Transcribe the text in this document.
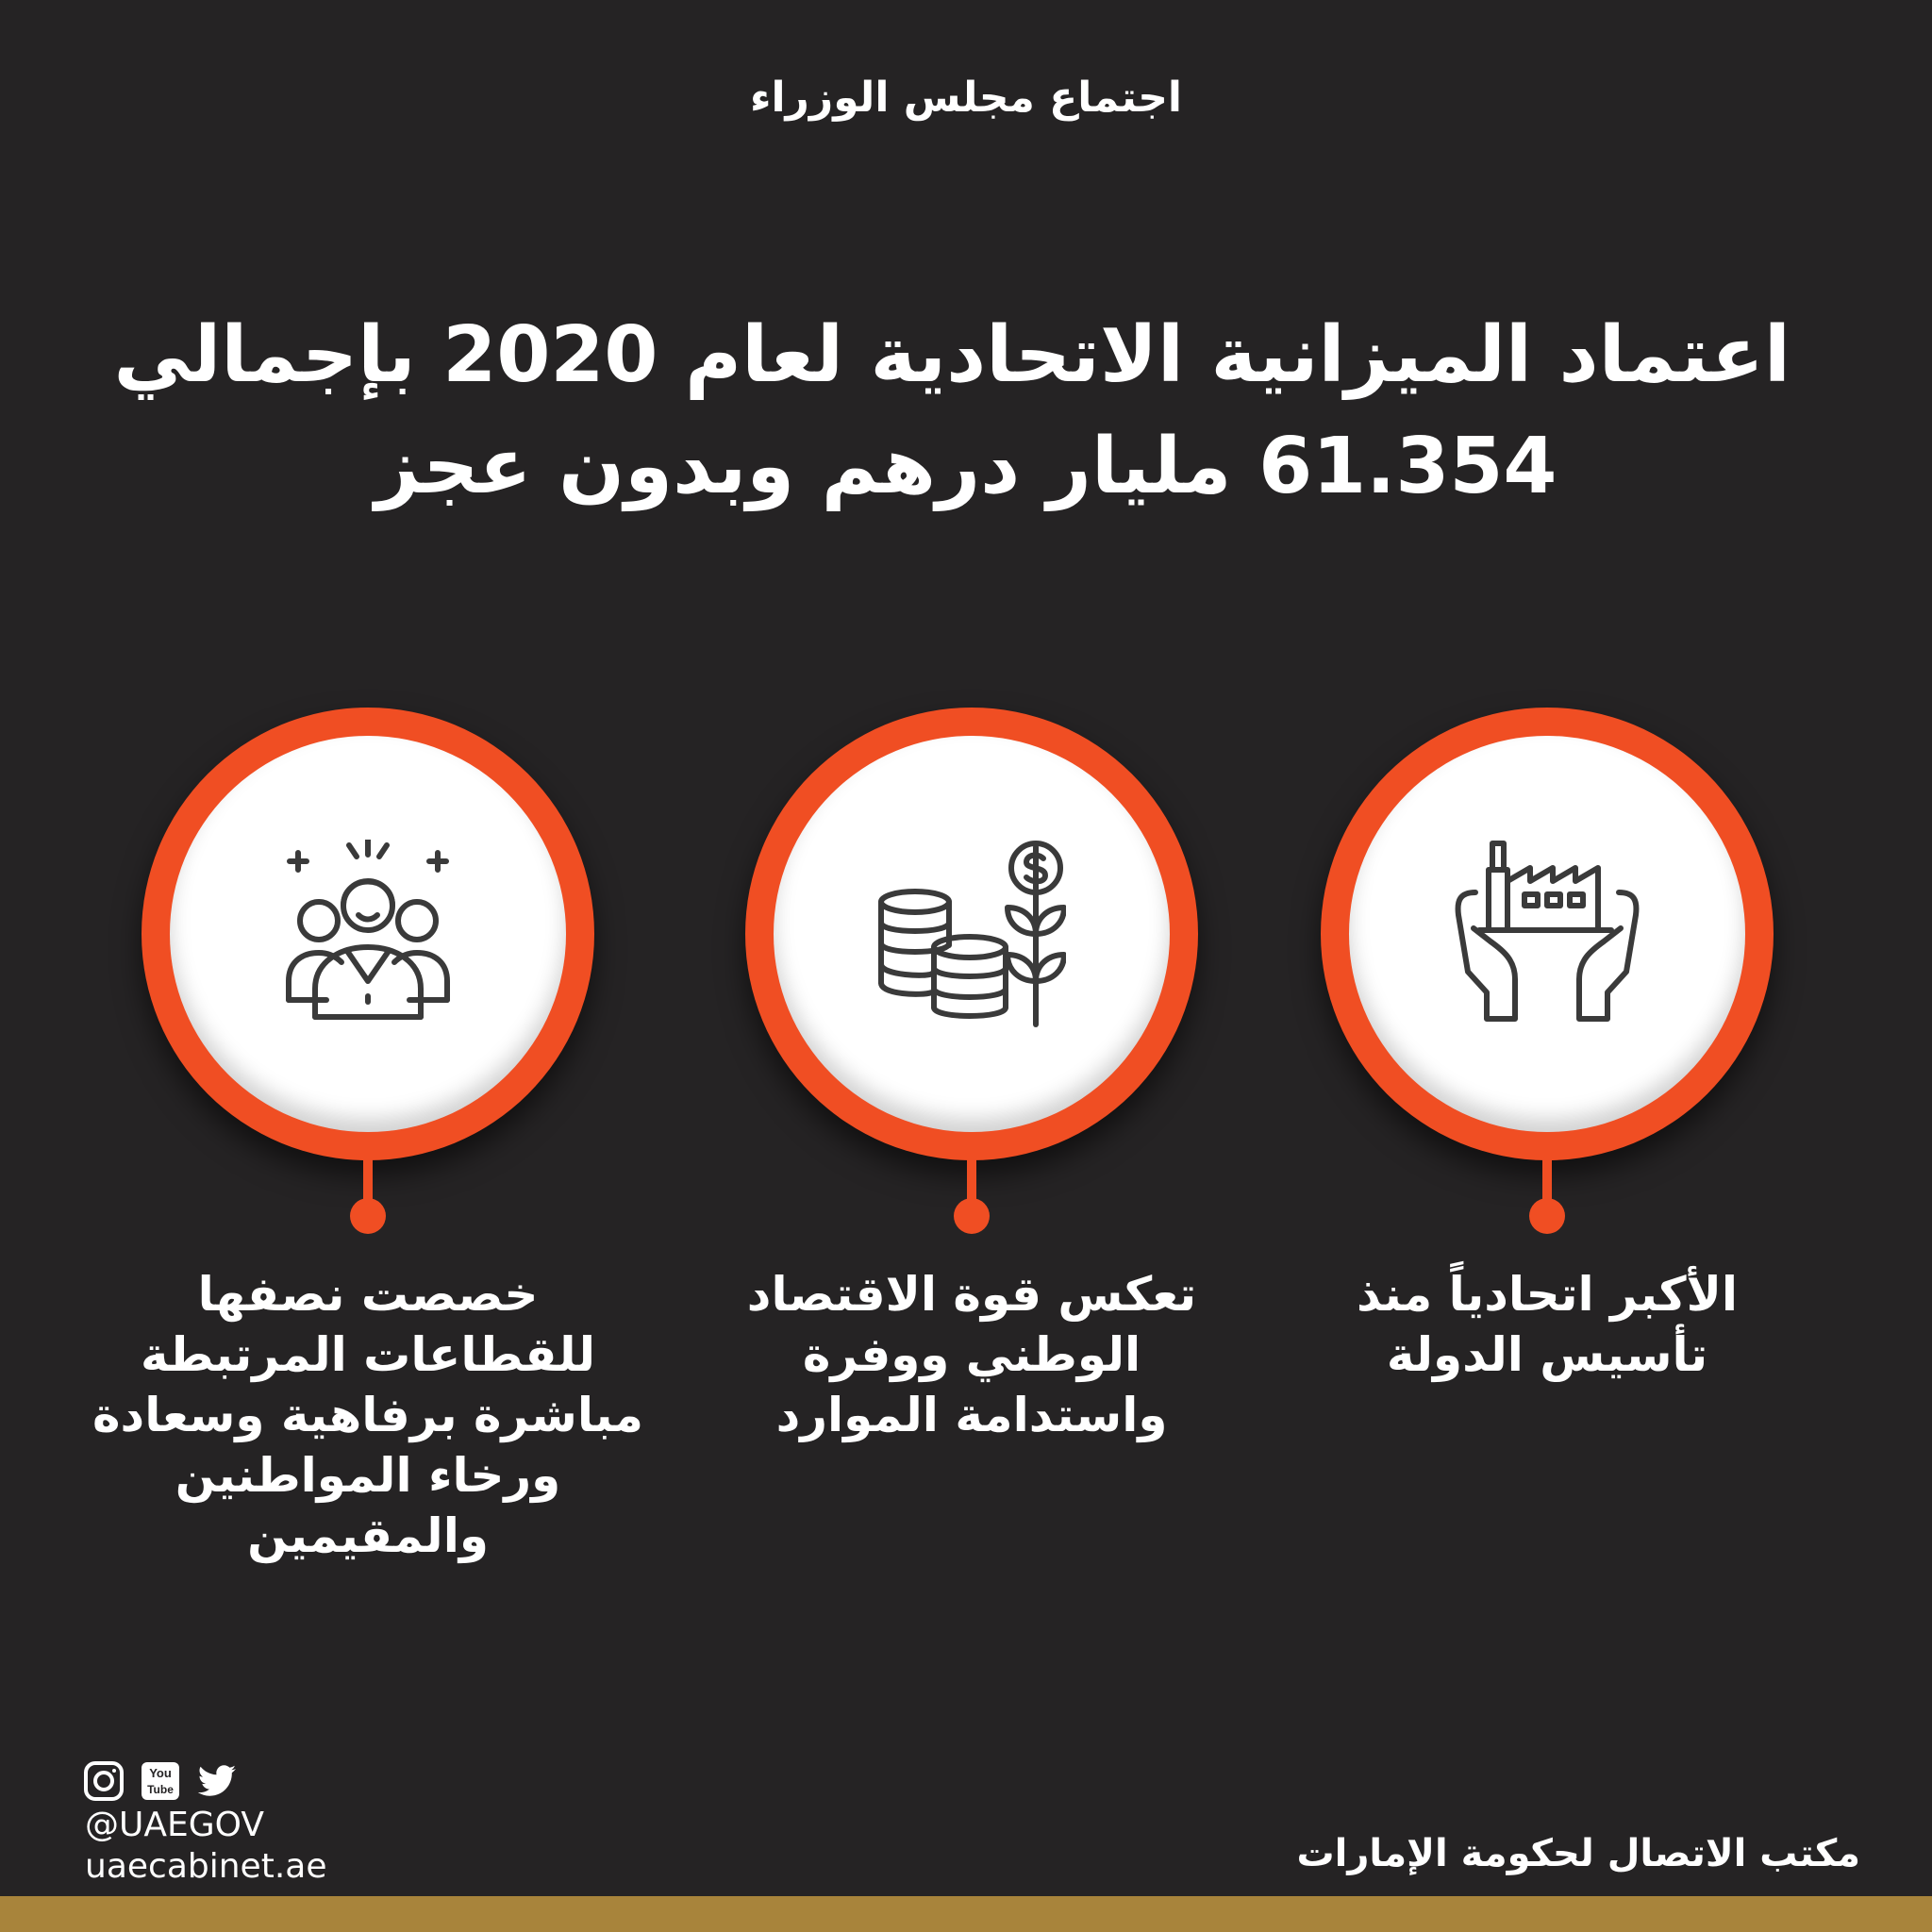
اجتماع مجلس الوزراء
اعتماد الميزانية الاتحادية لعام 2020 بإجمالي
61.354 مليار درهم وبدون عجز
الأكبر اتحادياً منذ
تأسيس الدولة
تعكس قوة الاقتصاد
الوطني ووفرة
واستدامة الموارد
خصصت نصفها
للقطاعات المرتبطة
مباشرة برفاهية وسعادة
ورخاء المواطنين
والمقيمين
You
Tube
@UAEGOV
uaecabinet.ae	مكتب الاتصال لحكومة الإمارات
